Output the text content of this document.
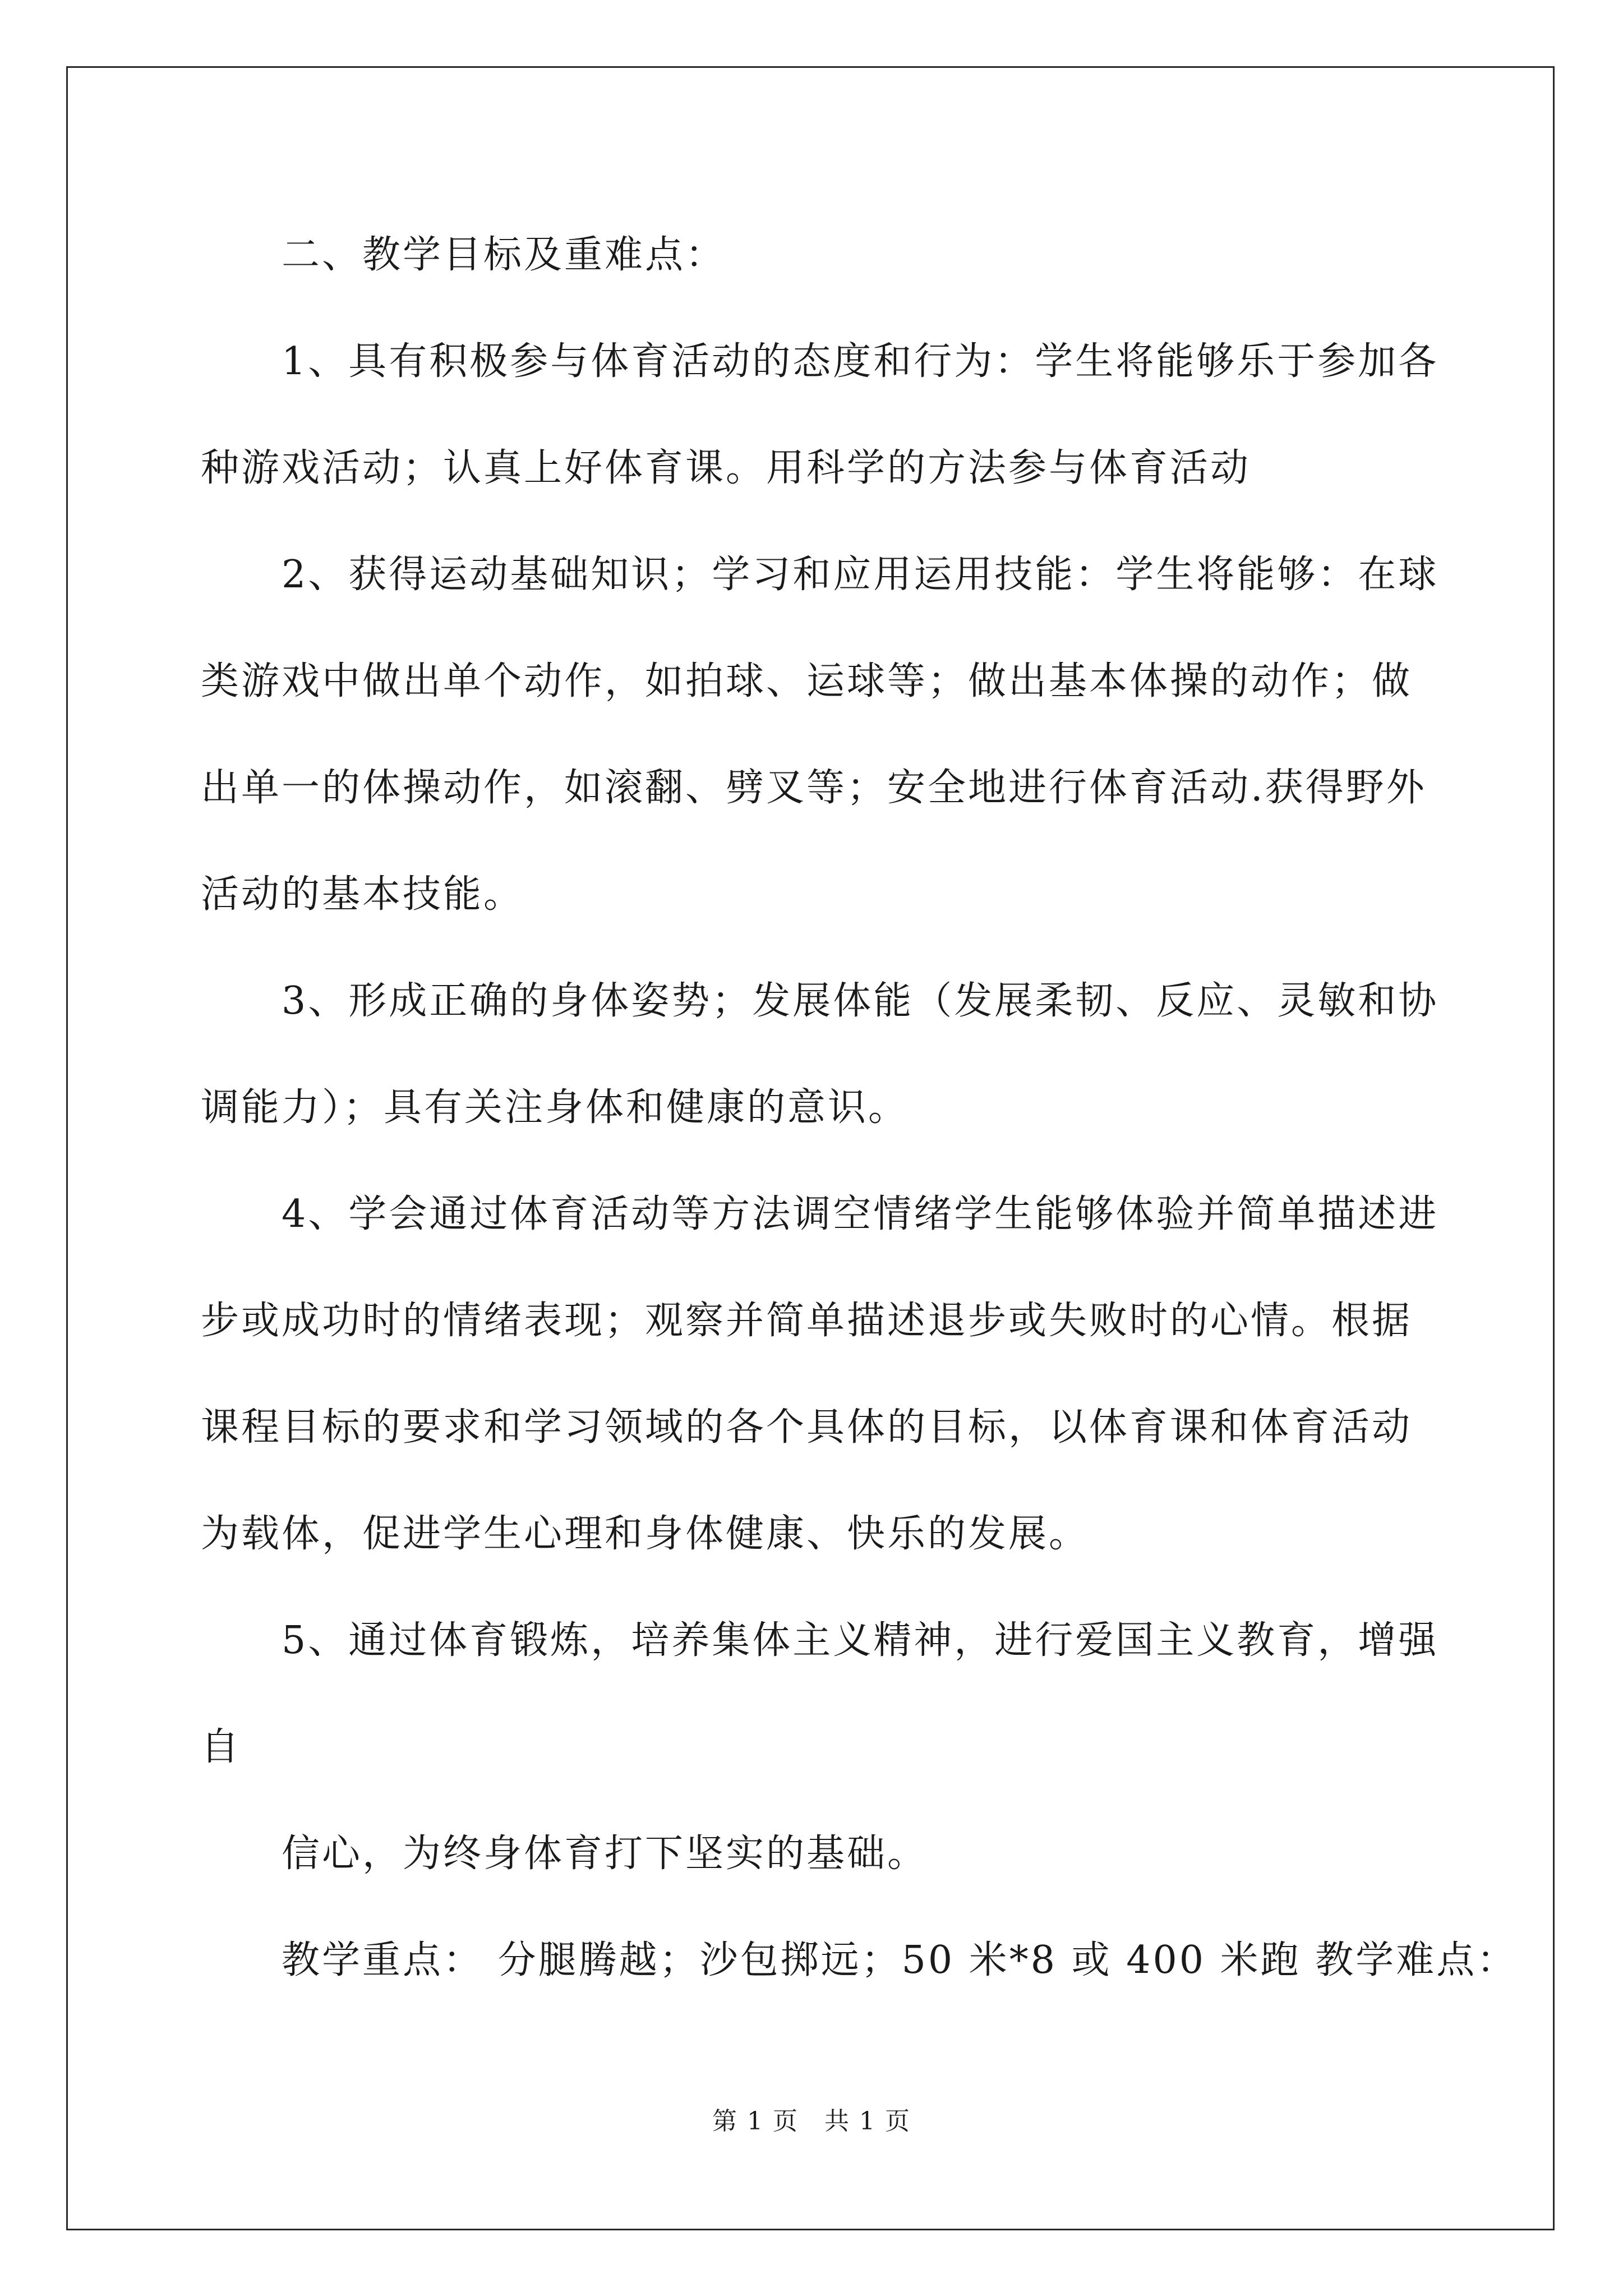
二、教学目标及重难点：
1、具有积极参与体育活动的态度和行为：学生将能够乐于参加各
种游戏活动；认真上好体育课。用科学的方法参与体育活动
2、获得运动基础知识；学习和应用运用技能：学生将能够：在球
类游戏中做出单个动作，如拍球、运球等；做出基本体操的动作；做
出单一的体操动作，如滚翻、劈叉等；安全地进行体育活动.获得野外
活动的基本技能。
3、形成正确的身体姿势；发展体能（发展柔韧、反应、灵敏和协
调能力）；具有关注身体和健康的意识。
4、学会通过体育活动等方法调空情绪学生能够体验并简单描述进
步或成功时的情绪表现；观察并简单描述退步或失败时的心情。根据
课程目标的要求和学习领域的各个具体的目标，以体育课和体育活动
为载体，促进学生心理和身体健康、快乐的发展。
5、通过体育锻炼，培养集体主义精神，进行爱国主义教育，增强
自
信心，为终身体育打下坚实的基础。
教学重点： 分腿腾越；沙包掷远；50 米*8 或 400 米跑 教学难点：
第 1 页　共 1 页
